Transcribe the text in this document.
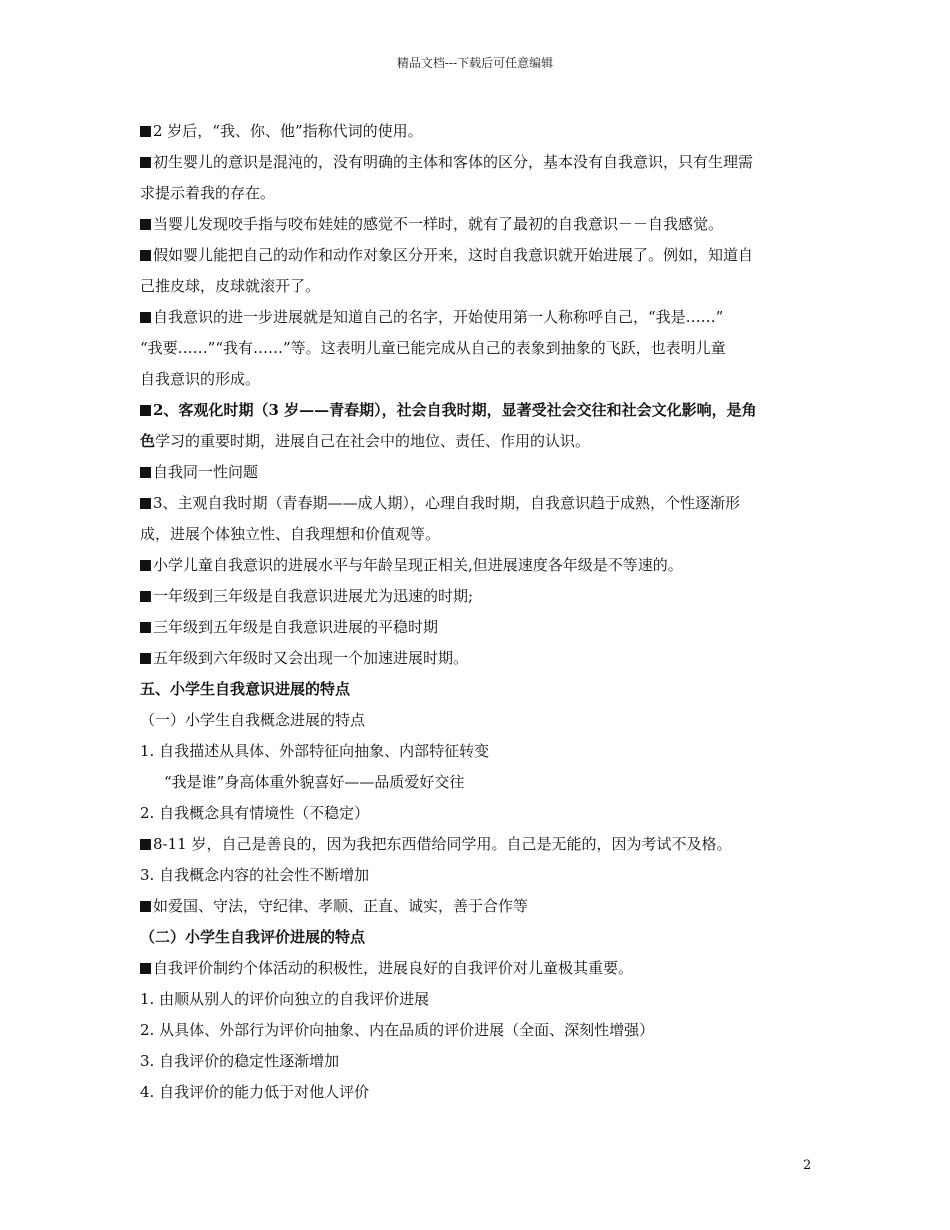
精品文档---下载后可任意编辑
2 岁后，“我、你、他”指称代词的使用。
初生婴儿的意识是混沌的，没有明确的主体和客体的区分，基本没有自我意识，只有生理需
求提示着我的存在。
当婴儿发现咬手指与咬布娃娃的感觉不一样时，就有了最初的自我意识－－自我感觉。
假如婴儿能把自己的动作和动作对象区分开来，这时自我意识就开始进展了。例如，知道自
己推皮球，皮球就滚开了。
自我意识的进一步进展就是知道自己的名字，开始使用第一人称称呼自己，“我是……”
“我要……”“我有……”等。这表明儿童已能完成从自己的表象到抽象的飞跃，也表明儿童
自我意识的形成。
2、客观化时期（3 岁——青春期），社会自我时期，显著受社会交往和社会文化影响，是角
色学习的重要时期，进展自己在社会中的地位、责任、作用的认识。
自我同一性问题
3、主观自我时期（青春期——成人期），心理自我时期，自我意识趋于成熟，个性逐渐形
成，进展个体独立性、自我理想和价值观等。
小学儿童自我意识的进展水平与年龄呈现正相关,但进展速度各年级是不等速的。
一年级到三年级是自我意识进展尤为迅速的时期;
三年级到五年级是自我意识进展的平稳时期
五年级到六年级时又会出现一个加速进展时期。
五、小学生自我意识进展的特点
（一）小学生自我概念进展的特点
1. 自我描述从具体、外部特征向抽象、内部特征转变
“我是谁”身高体重外貌喜好——品质爱好交往
2. 自我概念具有情境性（不稳定）
8-11 岁，自己是善良的，因为我把东西借给同学用。自己是无能的，因为考试不及格。
3. 自我概念内容的社会性不断增加
如爱国、守法，守纪律、孝顺、正直、诚实，善于合作等
（二）小学生自我评价进展的特点
自我评价制约个体活动的积极性，进展良好的自我评价对儿童极其重要。
1. 由顺从别人的评价向独立的自我评价进展
2. 从具体、外部行为评价向抽象、内在品质的评价进展（全面、深刻性增强）
3. 自我评价的稳定性逐渐增加
4. 自我评价的能力低于对他人评价
2
